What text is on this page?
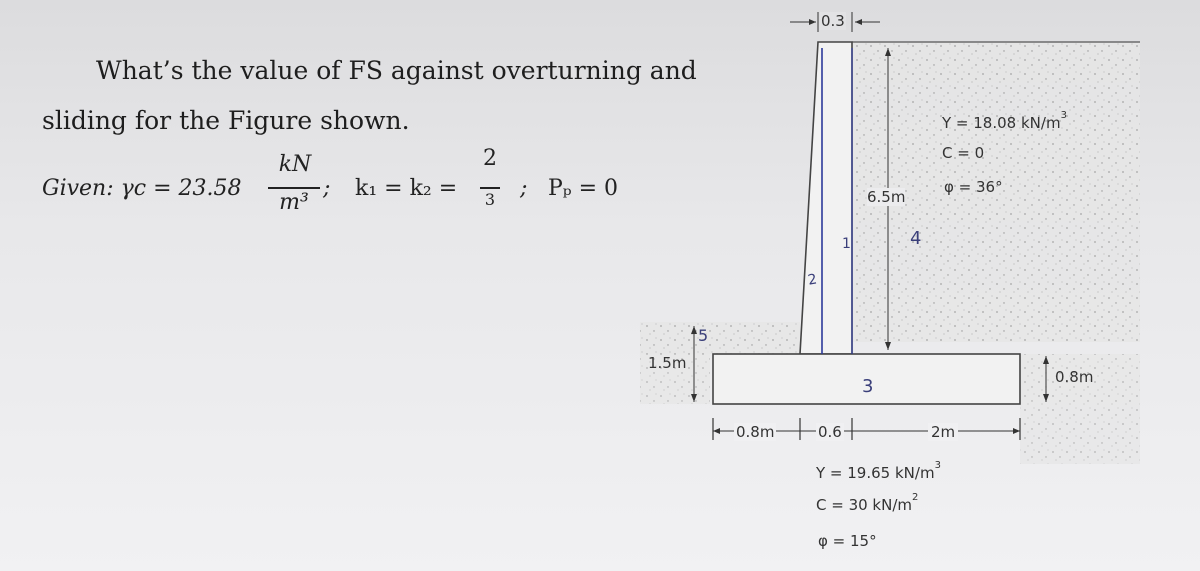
What’s the value of FS against overturning and
sliding for the Figure shown.
Given: γc = 23.58
kN
m³
; k₁ = k₂ =
2
3	; Pₚ = 0
0.3
6.5m
1.5m
0.8m
0.8m	0.6	2m
Y = 18.08 $kN/m^3$
C = 0
φ = 36°
Y = 19.65 $kN/m^3$
C = 30 $kN/m^2$
φ = 15°
4
3
1
2
5
